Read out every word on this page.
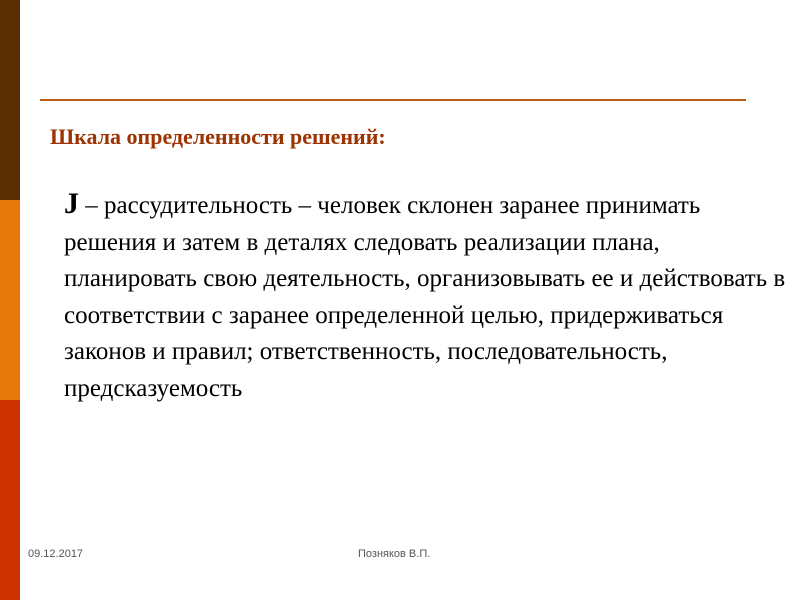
Шкала определенности решений:
J – рассудительность – человек склонен заранее принимать решения и затем в деталях следовать реализации плана, планировать свою деятельность, организовывать ее и действовать в соответствии с заранее определенной целью, придерживаться законов и правил; ответственность, последовательность, предсказуемость
09.12.2017	Позняков В.П.
